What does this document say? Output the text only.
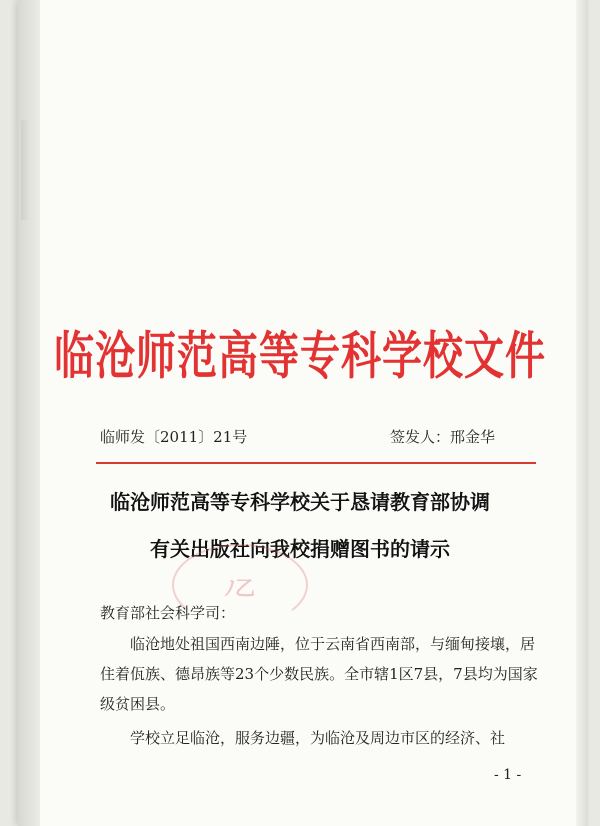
临沧师范高等专科学校文件
临师发〔2011〕21号	签发人：邢金华
临沧师范高等专科学校关于恳请教育部协调
有关出版社向我校捐赠图书的请示
ﾉ乙
教育部社会科学司：
临沧地处祖国西南边陲，位于云南省西南部，与缅甸接壤，居住着佤族、德昂族等23个少数民族。全市辖1区7县，7县均为国家级贫困县。
学校立足临沧，服务边疆，为临沧及周边市区的经济、社
- 1 -
